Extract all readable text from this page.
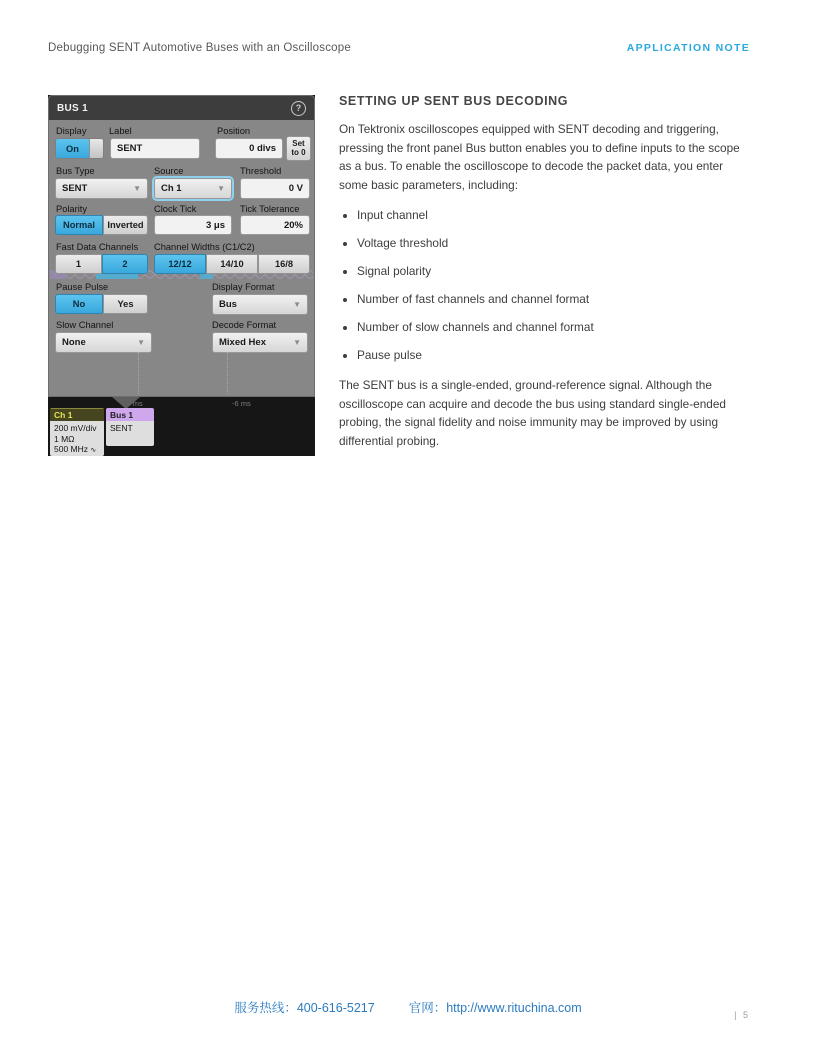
Debugging SENT Automotive Buses with an Oscilloscope	APPLICATION NOTE
BUS 1	?
Display Label	Position
On	SENT	0 divs	Set
to 0
Bus Type	Source	Threshold
SENT	▼ Ch 1	▼	0 V
Polarity	Clock Tick	Tick Tolerance
Normal	Inverted	3 μs	20%
Fast Data Channels Channel Widths (C1/C2)
1	2	12/12	14/10	16/8
Pause Pulse	Display Format
No	Yes	Bus	▼
Slow Channel	Decode Format
None	▼	Mixed Hex	▼
-8 ms	-6 ms
Ch 1
200 mV/div
1 MΩ
500 MHz ∿
Bus 1
SENT
SETTING UP SENT BUS DECODING

On Tektronix oscilloscopes equipped with SENT decoding and triggering, pressing the front panel Bus button enables you to define inputs to the scope as a bus. To enable the oscilloscope to decode the packet data, you enter some basic parameters, including:

• Input channel
• Voltage threshold
• Signal polarity
• Number of fast channels and channel format
• Number of slow channels and channel format
• Pause pulse

The SENT bus is a single-ended, ground-reference signal. Although the oscilloscope can acquire and decode the bus using standard single-ended probing, the signal fidelity and noise immunity may be improved by using differential probing.

服务热线：400-616-5217	官网：http://www.rituchina.com	| 5
